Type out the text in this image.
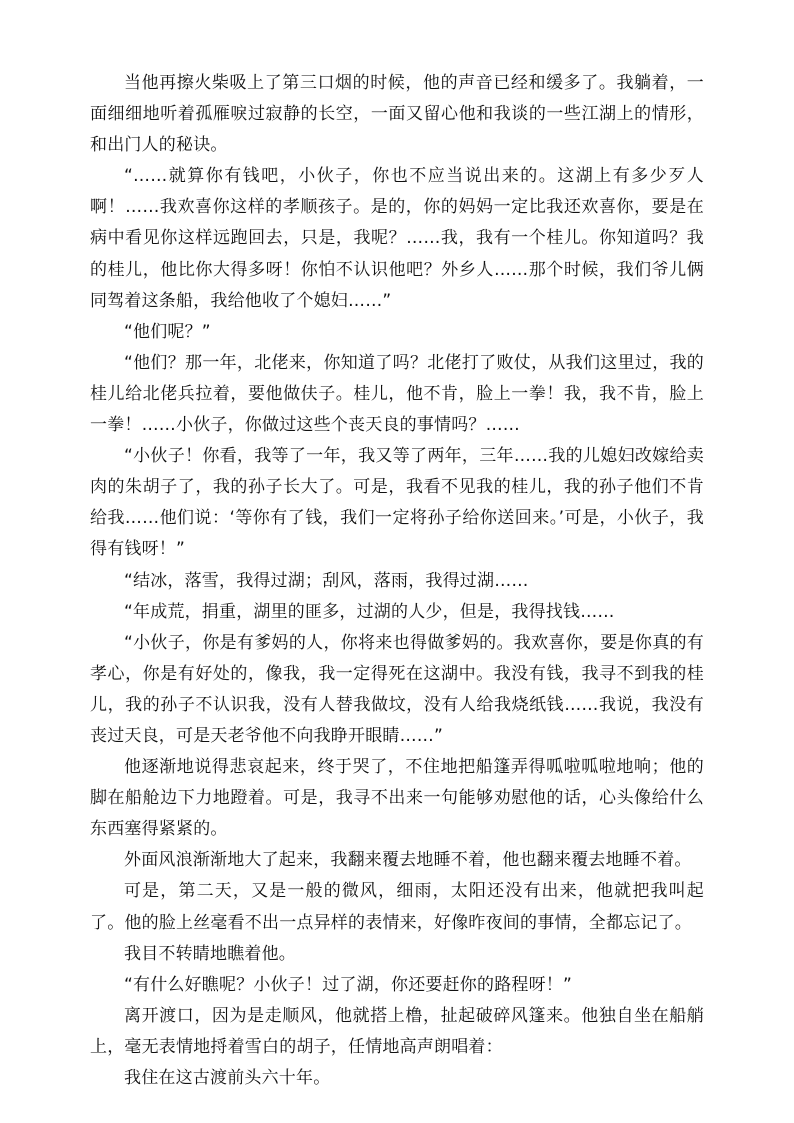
当他再擦火柴吸上了第三口烟的时候，他的声音已经和缓多了。我躺着，一面细细地听着孤雁唳过寂静的长空，一面又留心他和我谈的一些江湖上的情形，和出门人的秘诀。

“……就算你有钱吧，小伙子，你也不应当说出来的。这湖上有多少歹人啊！……我欢喜你这样的孝顺孩子。是的，你的妈妈一定比我还欢喜你，要是在病中看见你这样远跑回去，只是，我呢？……我，我有一个桂儿。你知道吗？我的桂儿，他比你大得多呀！你怕不认识他吧？外乡人……那个时候，我们爷儿俩同驾着这条船，我给他收了个媳妇……”

“他们呢？”

“他们？那一年，北佬来，你知道了吗？北佬打了败仗，从我们这里过，我的桂儿给北佬兵拉着，要他做伕子。桂儿，他不肯，脸上一拳！我，我不肯，脸上一拳！……小伙子，你做过这些个丧天良的事情吗？……

“小伙子！你看，我等了一年，我又等了两年，三年……我的儿媳妇改嫁给卖肉的朱胡子了，我的孙子长大了。可是，我看不见我的桂儿，我的孙子他们不肯给我……他们说：‘等你有了钱，我们一定将孙子给你送回来。’可是，小伙子，我得有钱呀！”

“结冰，落雪，我得过湖；刮风，落雨，我得过湖……

“年成荒，捐重，湖里的匪多，过湖的人少，但是，我得找钱……

“小伙子，你是有爹妈的人，你将来也得做爹妈的。我欢喜你，要是你真的有孝心，你是有好处的，像我，我一定得死在这湖中。我没有钱，我寻不到我的桂儿，我的孙子不认识我，没有人替我做坟，没有人给我烧纸钱……我说，我没有丧过天良，可是天老爷他不向我睁开眼睛……”

他逐渐地说得悲哀起来，终于哭了，不住地把船篷弄得呱啦呱啦地响；他的脚在船舱边下力地蹬着。可是，我寻不出来一句能够劝慰他的话，心头像给什么东西塞得紧紧的。

外面风浪渐渐地大了起来，我翻来覆去地睡不着，他也翻来覆去地睡不着。

可是，第二天，又是一般的微风，细雨，太阳还没有出来，他就把我叫起了。他的脸上丝毫看不出一点异样的表情来，好像昨夜间的事情，全都忘记了。

我目不转睛地瞧着他。

“有什么好瞧呢？小伙子！过了湖，你还要赶你的路程呀！”

离开渡口，因为是走顺风，他就搭上橹，扯起破碎风篷来。他独自坐在船艄上，毫无表情地捋着雪白的胡子，任情地高声朗唱着：

我住在这古渡前头六十年。
